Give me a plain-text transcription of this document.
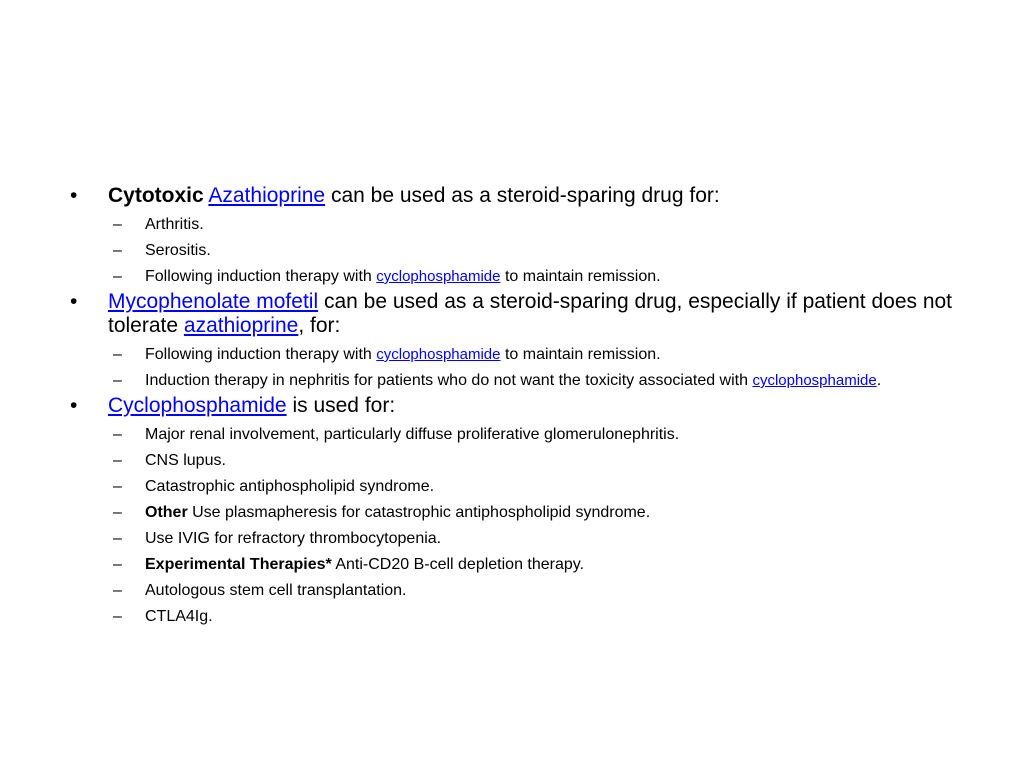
•	Cytotoxic Azathioprine can be used as a steroid-sparing drug for:
– Arthritis.
– Serositis.
– Following induction therapy with cyclophosphamide to maintain remission.
•	Mycophenolate mofetil can be used as a steroid-sparing drug, especially if patient does not tolerate azathioprine, for:
– Following induction therapy with cyclophosphamide to maintain remission.
– Induction therapy in nephritis for patients who do not want the toxicity associated with cyclophosphamide.
•	Cyclophosphamide is used for:
– Major renal involvement, particularly diffuse proliferative glomerulonephritis.
– CNS lupus.
– Catastrophic antiphospholipid syndrome.
– Other Use plasmapheresis for catastrophic antiphospholipid syndrome.
– Use IVIG for refractory thrombocytopenia.
– Experimental Therapies* Anti-CD20 B-cell depletion therapy.
– Autologous stem cell transplantation.
– CTLA4Ig.
